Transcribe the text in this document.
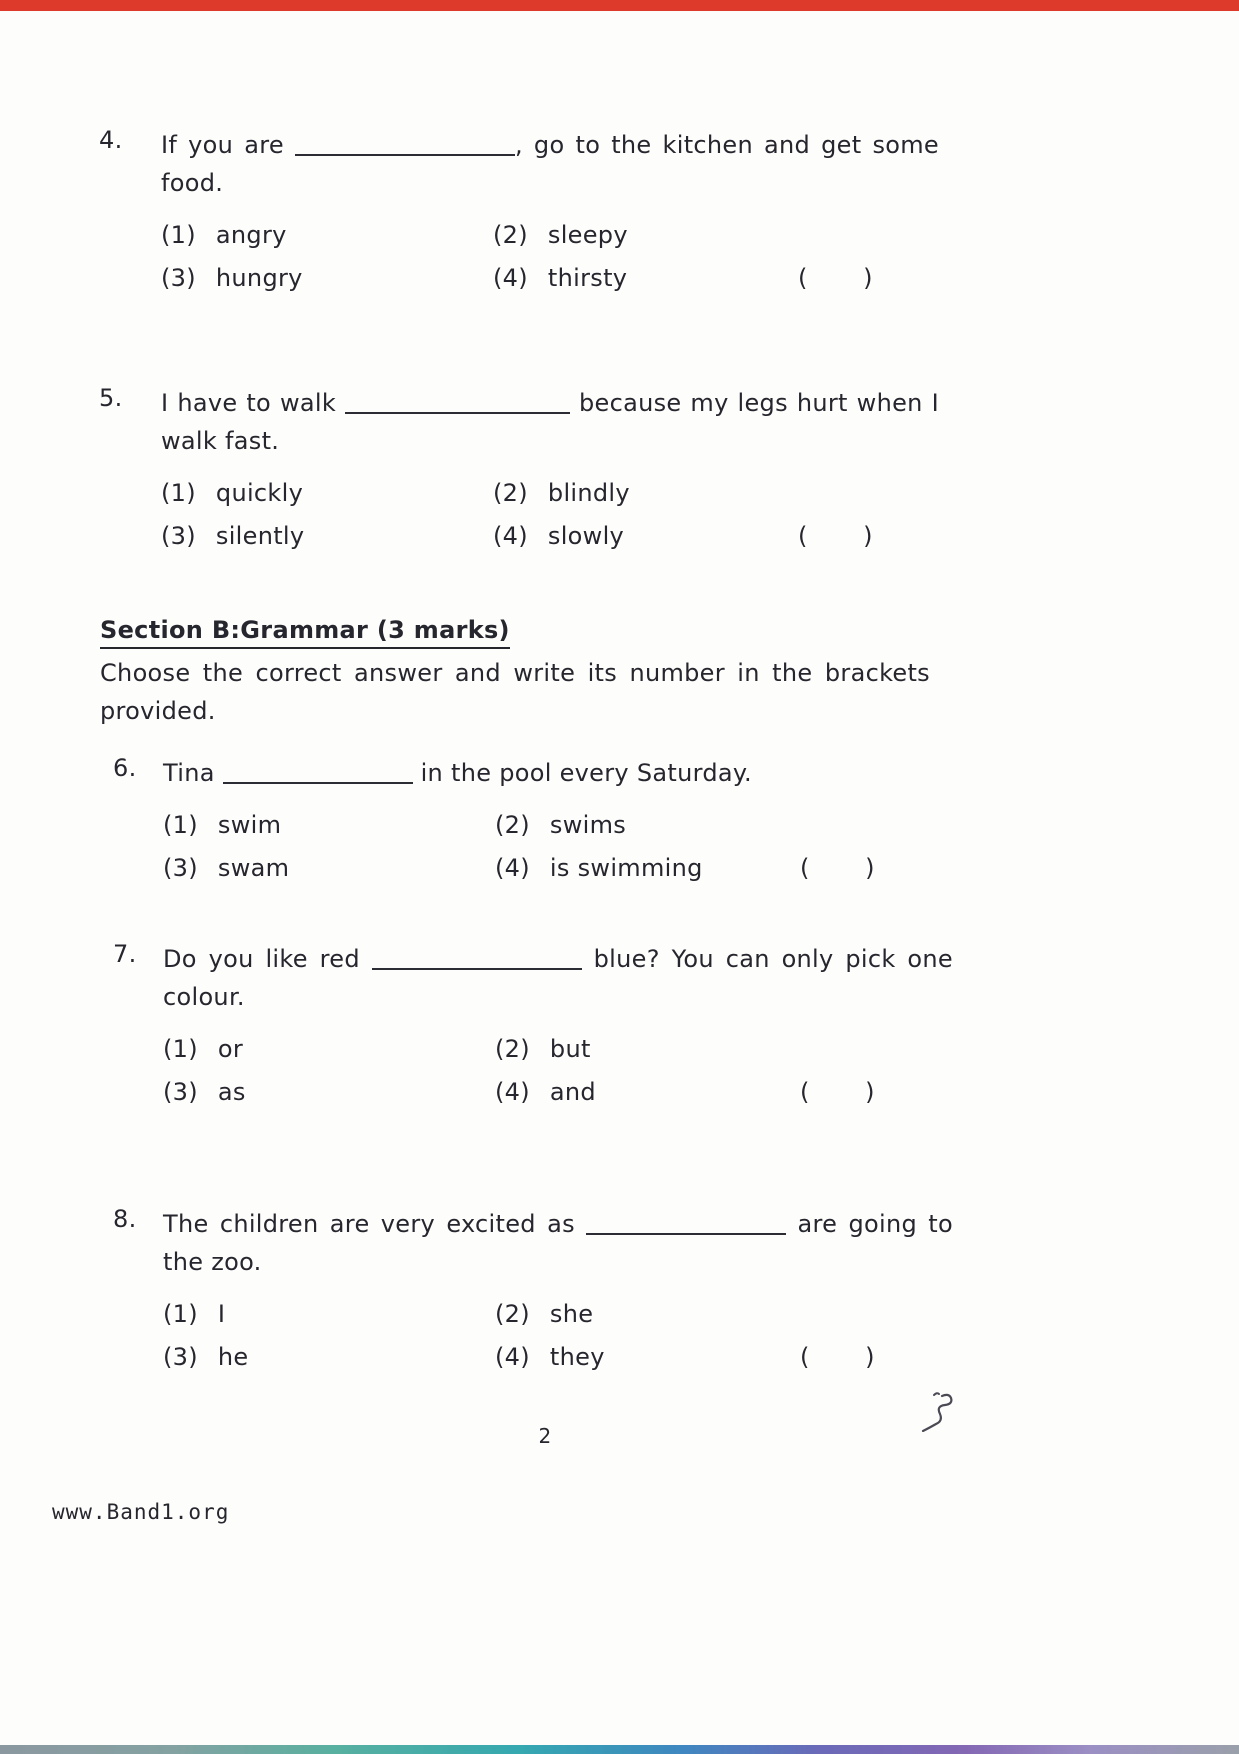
4.	If you are	, go to the kitchen and get some food.

(1) angry	(2) sleepy
(3) hungry	(4) thirsty	(       )
5.	I have to walk	because my legs hurt when I walk fast.

(1) quickly	(2) blindly
(3) silently	(4) slowly	(       )
Section B:Grammar (3 marks)

Choose the correct answer and write its number in the brackets provided.

6.	Tina	in the pool every Saturday.

(1) swim	(2) swims
(3) swam	(4) is swimming	(       )
7.	Do you like red	blue? You can only pick one colour.

(1) or	(2) but
(3) as	(4) and	(       )
8.	The children are very excited as	are going to the zoo.

(1) I	(2) she
(3) he	(4) they	(       )
2
www.Band1.org
